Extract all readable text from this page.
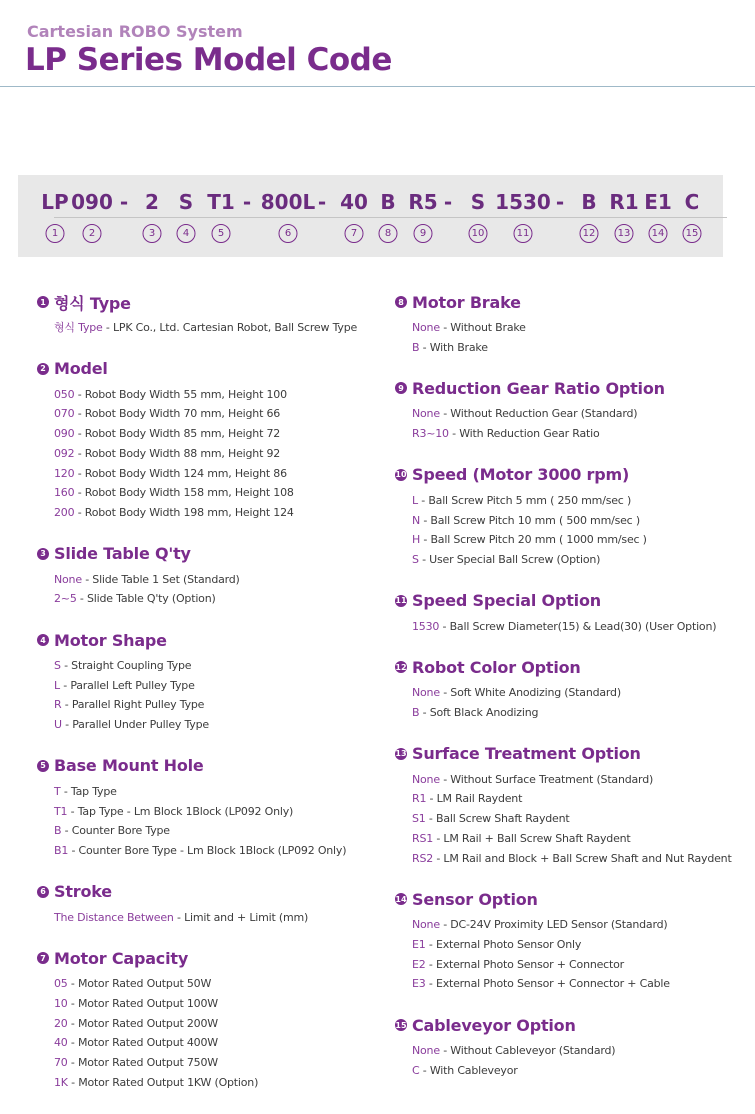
Cartesian ROBO System
LP Series Model Code
LP 090 - 2 S T1 - 800L - 40 B R5 - S 1530 - B R1 E1 C
1	2	3	4	5	6	7	8	9	10	11	12	13	14	15
1 형식 Type
형식 Type - LPK Co., Ltd. Cartesian Robot, Ball Screw Type
2 Model
050 - Robot Body Width 55 mm, Height 100
070 - Robot Body Width 70 mm, Height 66
090 - Robot Body Width 85 mm, Height 72
092 - Robot Body Width 88 mm, Height 92
120 - Robot Body Width 124 mm, Height 86
160 - Robot Body Width 158 mm, Height 108
200 - Robot Body Width 198 mm, Height 124
3 Slide Table Q'ty
None - Slide Table 1 Set (Standard)
2~5 - Slide Table Q'ty (Option)
4 Motor Shape
S - Straight Coupling Type
L - Parallel Left Pulley Type
R - Parallel Right Pulley Type
U - Parallel Under Pulley Type
5 Base Mount Hole
T - Tap Type
T1 - Tap Type - Lm Block 1Block (LP092 Only)
B - Counter Bore Type
B1 - Counter Bore Type - Lm Block 1Block (LP092 Only)
6 Stroke
The Distance Between - Limit and + Limit (mm)
7 Motor Capacity
05 - Motor Rated Output 50W
10 - Motor Rated Output 100W
20 - Motor Rated Output 200W
40 - Motor Rated Output 400W
70 - Motor Rated Output 750W
1K - Motor Rated Output 1KW (Option)
8 Motor Brake
None - Without Brake
B - With Brake
9 Reduction Gear Ratio Option
None - Without Reduction Gear (Standard)
R3~10 - With Reduction Gear Ratio
10 Speed (Motor 3000 rpm)
L - Ball Screw Pitch 5 mm ( 250 mm/sec )
N - Ball Screw Pitch 10 mm ( 500 mm/sec )
H - Ball Screw Pitch 20 mm ( 1000 mm/sec )
S - User Special Ball Screw (Option)
11 Speed Special Option
1530 - Ball Screw Diameter(15) & Lead(30) (User Option)
12 Robot Color Option
None - Soft White Anodizing (Standard)
B - Soft Black Anodizing
13 Surface Treatment Option
None - Without Surface Treatment (Standard)
R1 - LM Rail Raydent
S1 - Ball Screw Shaft Raydent
RS1 - LM Rail + Ball Screw Shaft Raydent
RS2 - LM Rail and Block + Ball Screw Shaft and Nut Raydent
14 Sensor Option
None - DC-24V Proximity LED Sensor (Standard)
E1 - External Photo Sensor Only
E2 - External Photo Sensor + Connector
E3 - External Photo Sensor + Connector + Cable
15 Cableveyor Option
None - Without Cableveyor (Standard)
C - With Cableveyor
